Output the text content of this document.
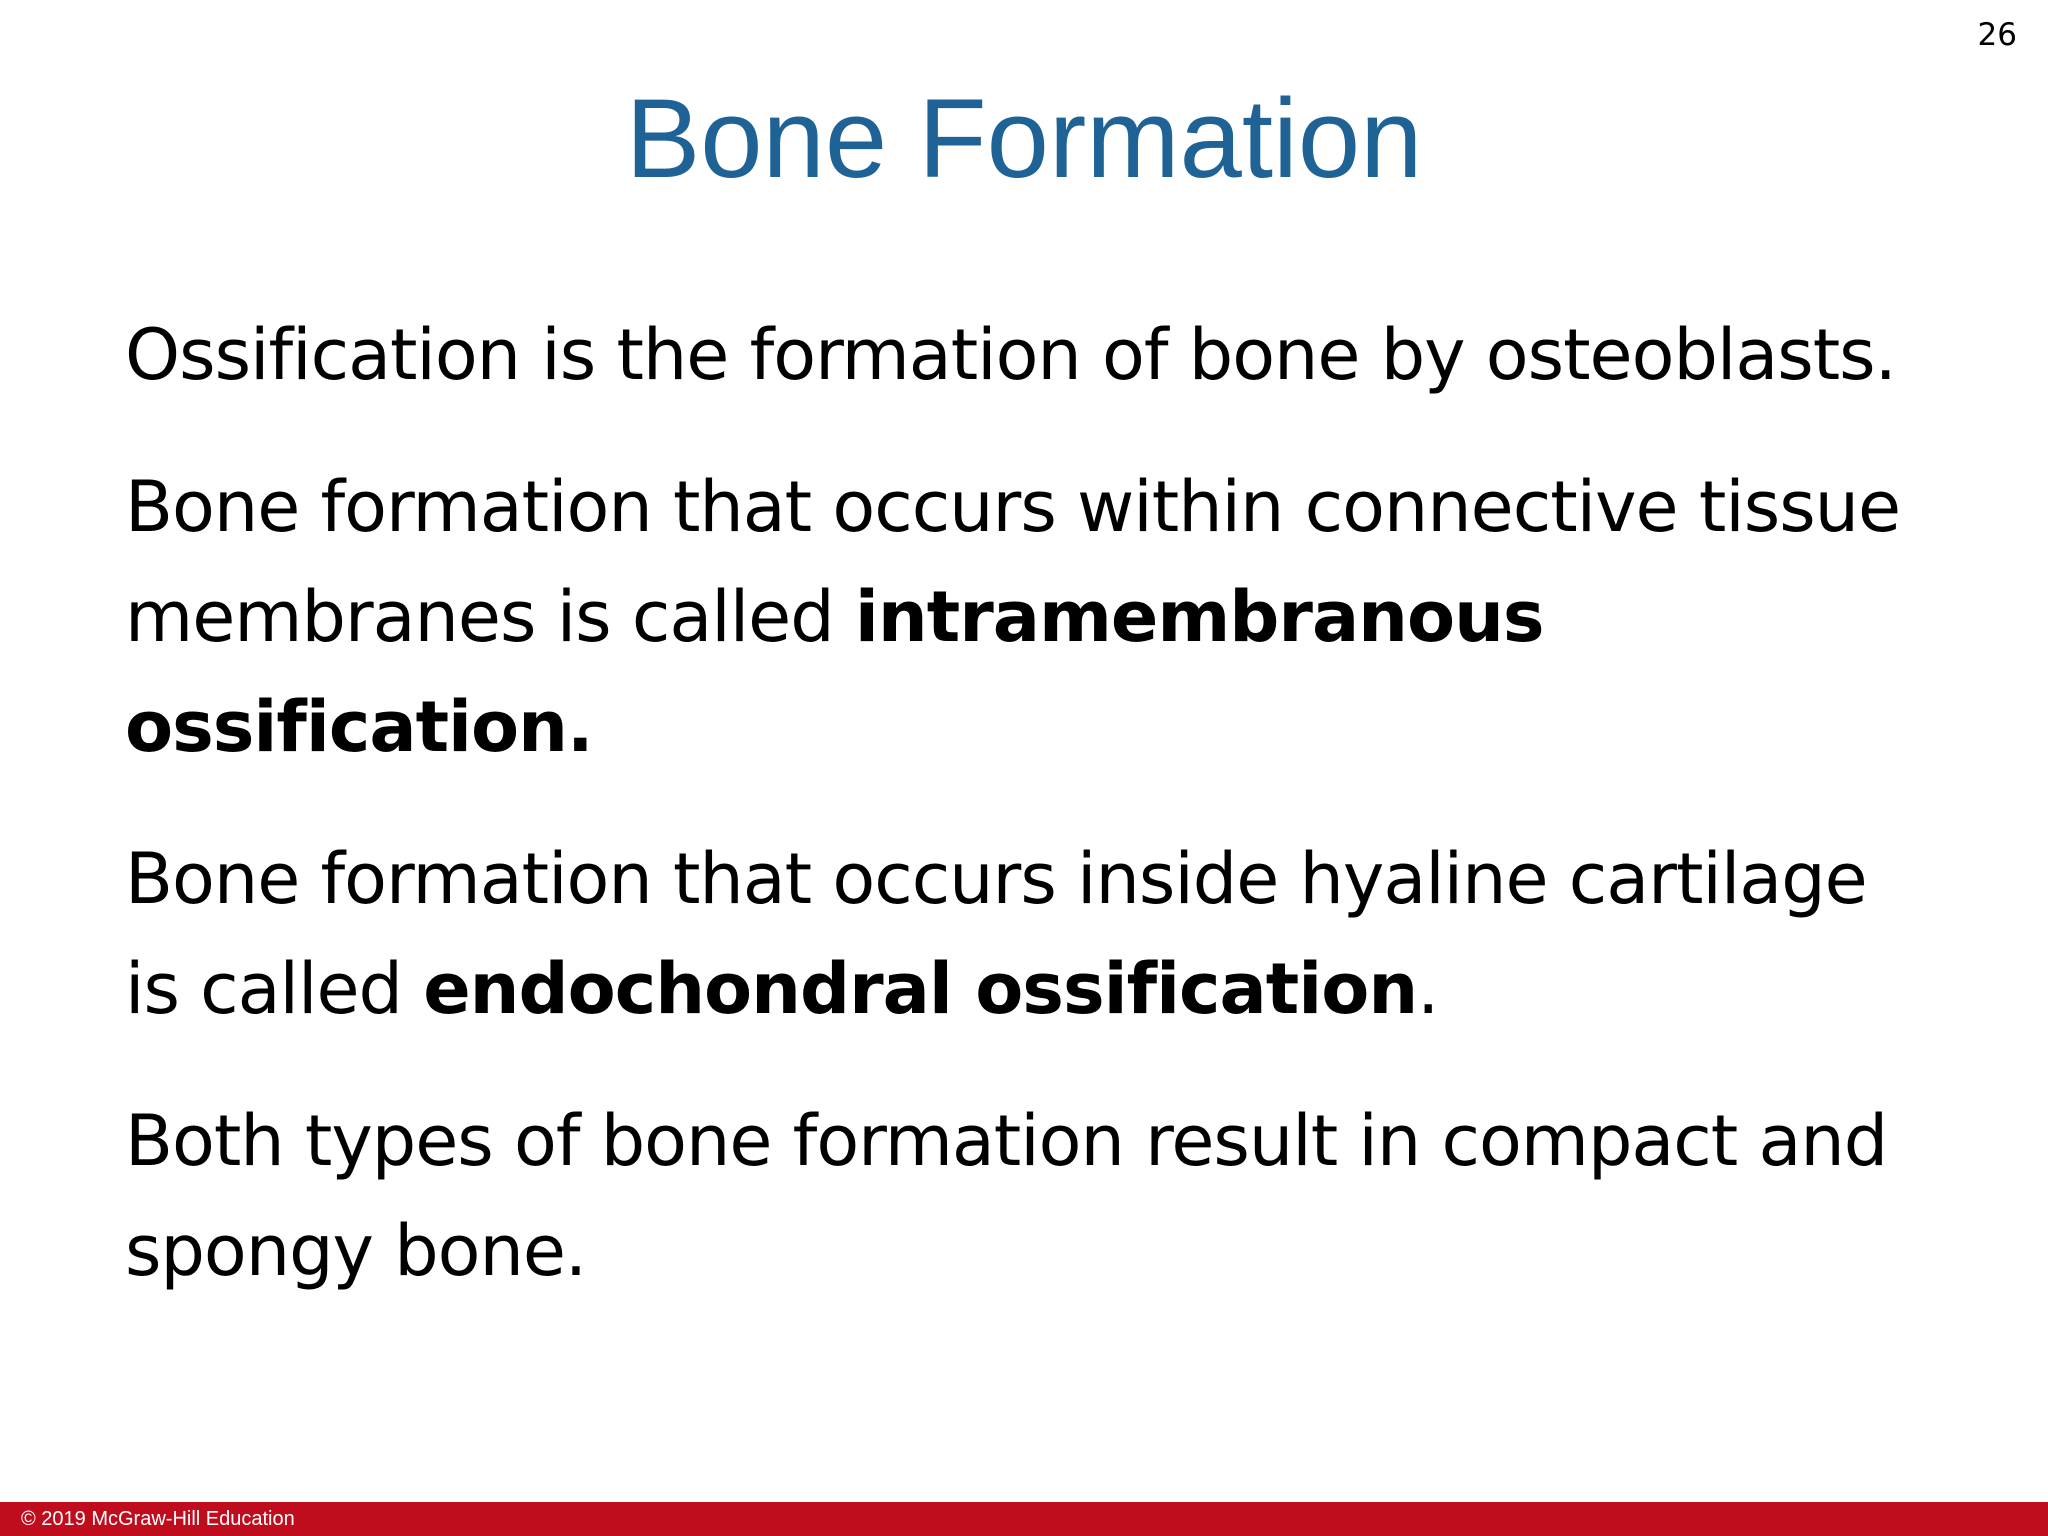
26
Bone Formation

Ossification is the formation of bone by osteoblasts.

Bone formation that occurs within connective tissue membranes is called intramembranous ossification.

Bone formation that occurs inside hyaline cartilage is called endochondral ossification.

Both types of bone formation result in compact and spongy bone.

© 2019 McGraw-Hill Education
